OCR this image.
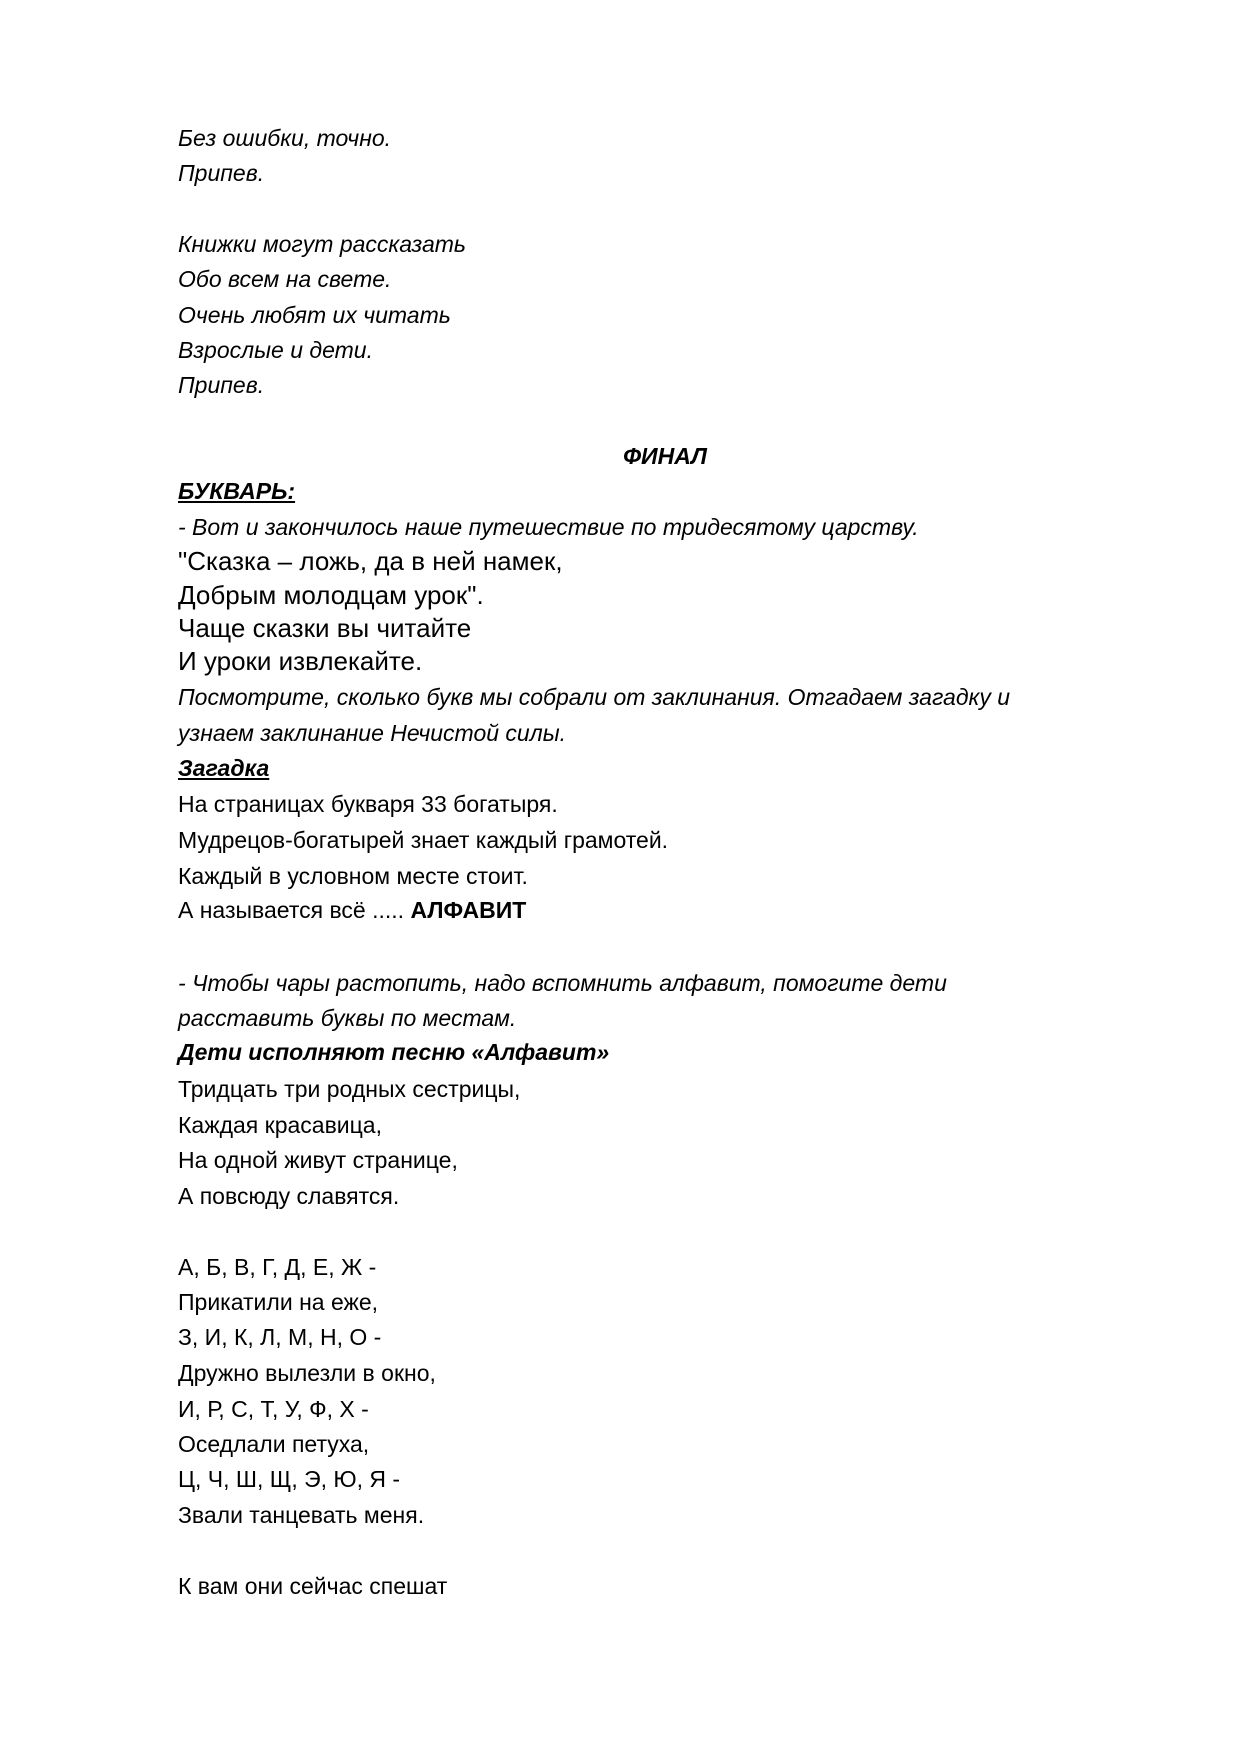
Без ошибки, точно.
Припев.
Книжки могут рассказать
Обо всем на свете.
Очень любят их читать
Взрослые и дети.
Припев.
ФИНАЛ
БУКВАРЬ:
- Вот и закончилось наше путешествие по тридесятому царству.
"Сказка – ложь, да в ней намек,
Добрым молодцам урок".
Чаще сказки вы читайте
И уроки извлекайте.
Посмотрите, сколько букв мы собрали от заклинания. Отгадаем загадку и
узнаем заклинание Нечистой силы.
Загадка
На страницах букваря 33 богатыря.
Мудрецов-богатырей знает каждый грамотей.
Каждый в условном месте стоит.
А называется всё ..... АЛФАВИТ
- Чтобы чары растопить, надо вспомнить алфавит, помогите дети
расставить буквы по местам.
Дети исполняют песню «Алфавит»
Тридцать три родных сестрицы,
Каждая красавица,
На одной живут странице,
А повсюду славятся.
А, Б, В, Г, Д, Е, Ж -
Прикатили на еже,
З, И, К, Л, М, Н, О -
Дружно вылезли в окно,
И, Р, С, Т, У, Ф, Х -
Оседлали петуха,
Ц, Ч, Ш, Щ, Э, Ю, Я -
Звали танцевать меня.
К вам они сейчас спешат
